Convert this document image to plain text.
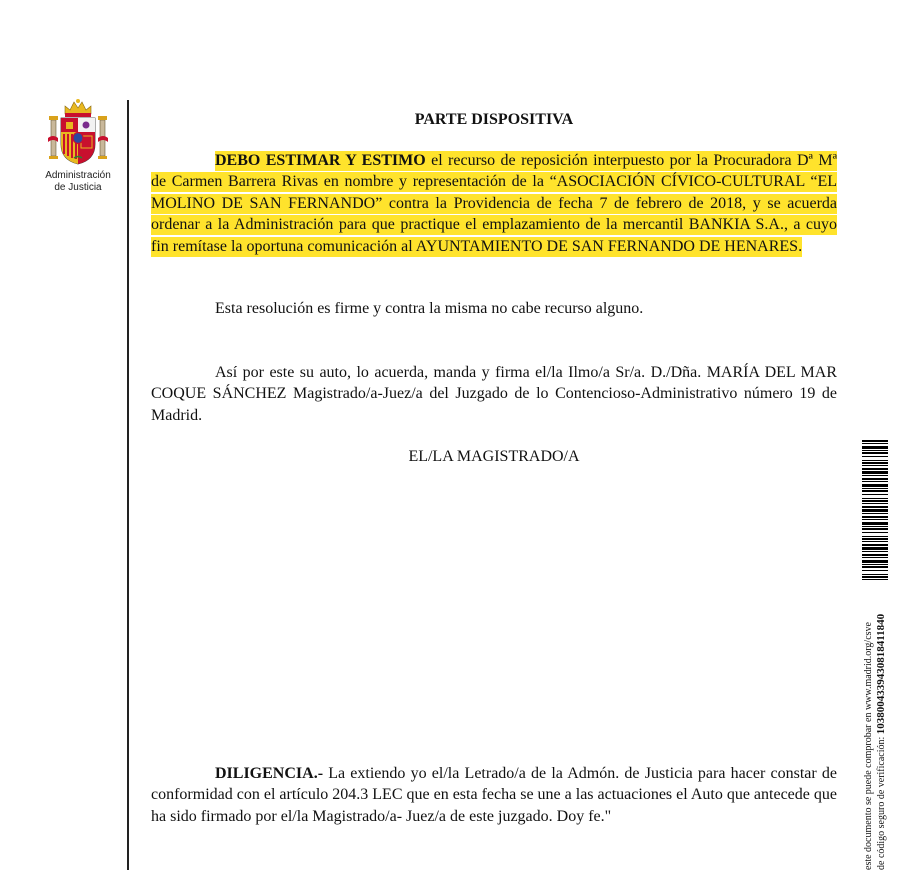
Administración
de Justicia
PARTE DISPOSITIVA
DEBO ESTIMAR Y ESTIMO el recurso de reposición interpuesto por la Procuradora Dª Mª de Carmen Barrera Rivas en nombre y representación de la “ASOCIACIÓN CÍVICO-CULTURAL “EL MOLINO DE SAN FERNANDO” contra la Providencia de fecha 7 de febrero de 2018, y se acuerda ordenar a la Administración para que practique el emplazamiento de la mercantil BANKIA S.A., a cuyo fin remítase la oportuna comunicación al AYUNTAMIENTO DE SAN FERNANDO DE HENARES.
Esta resolución es firme y contra la misma no cabe recurso alguno.
Así por este su auto, lo acuerda, manda y firma el/la Ilmo/a Sr/a. D./Dña. MARÍA DEL MAR COQUE SÁNCHEZ Magistrado/a-Juez/a del Juzgado de lo Contencioso-Administrativo número 19 de Madrid.
EL/LA MAGISTRADO/A
DILIGENCIA.- La extiendo yo el/la Letrado/a de la Admón. de Justicia para hacer constar de conformidad con el artículo 204.3 LEC que en esta fecha se une a las actuaciones el Auto que antecede que ha sido firmado por el/la Magistrado/a- Juez/a de este juzgado. Doy fe."	este documento se puede comprobar en www.madrid.org/csve de código seguro de verificación: 1038004339430818411840
